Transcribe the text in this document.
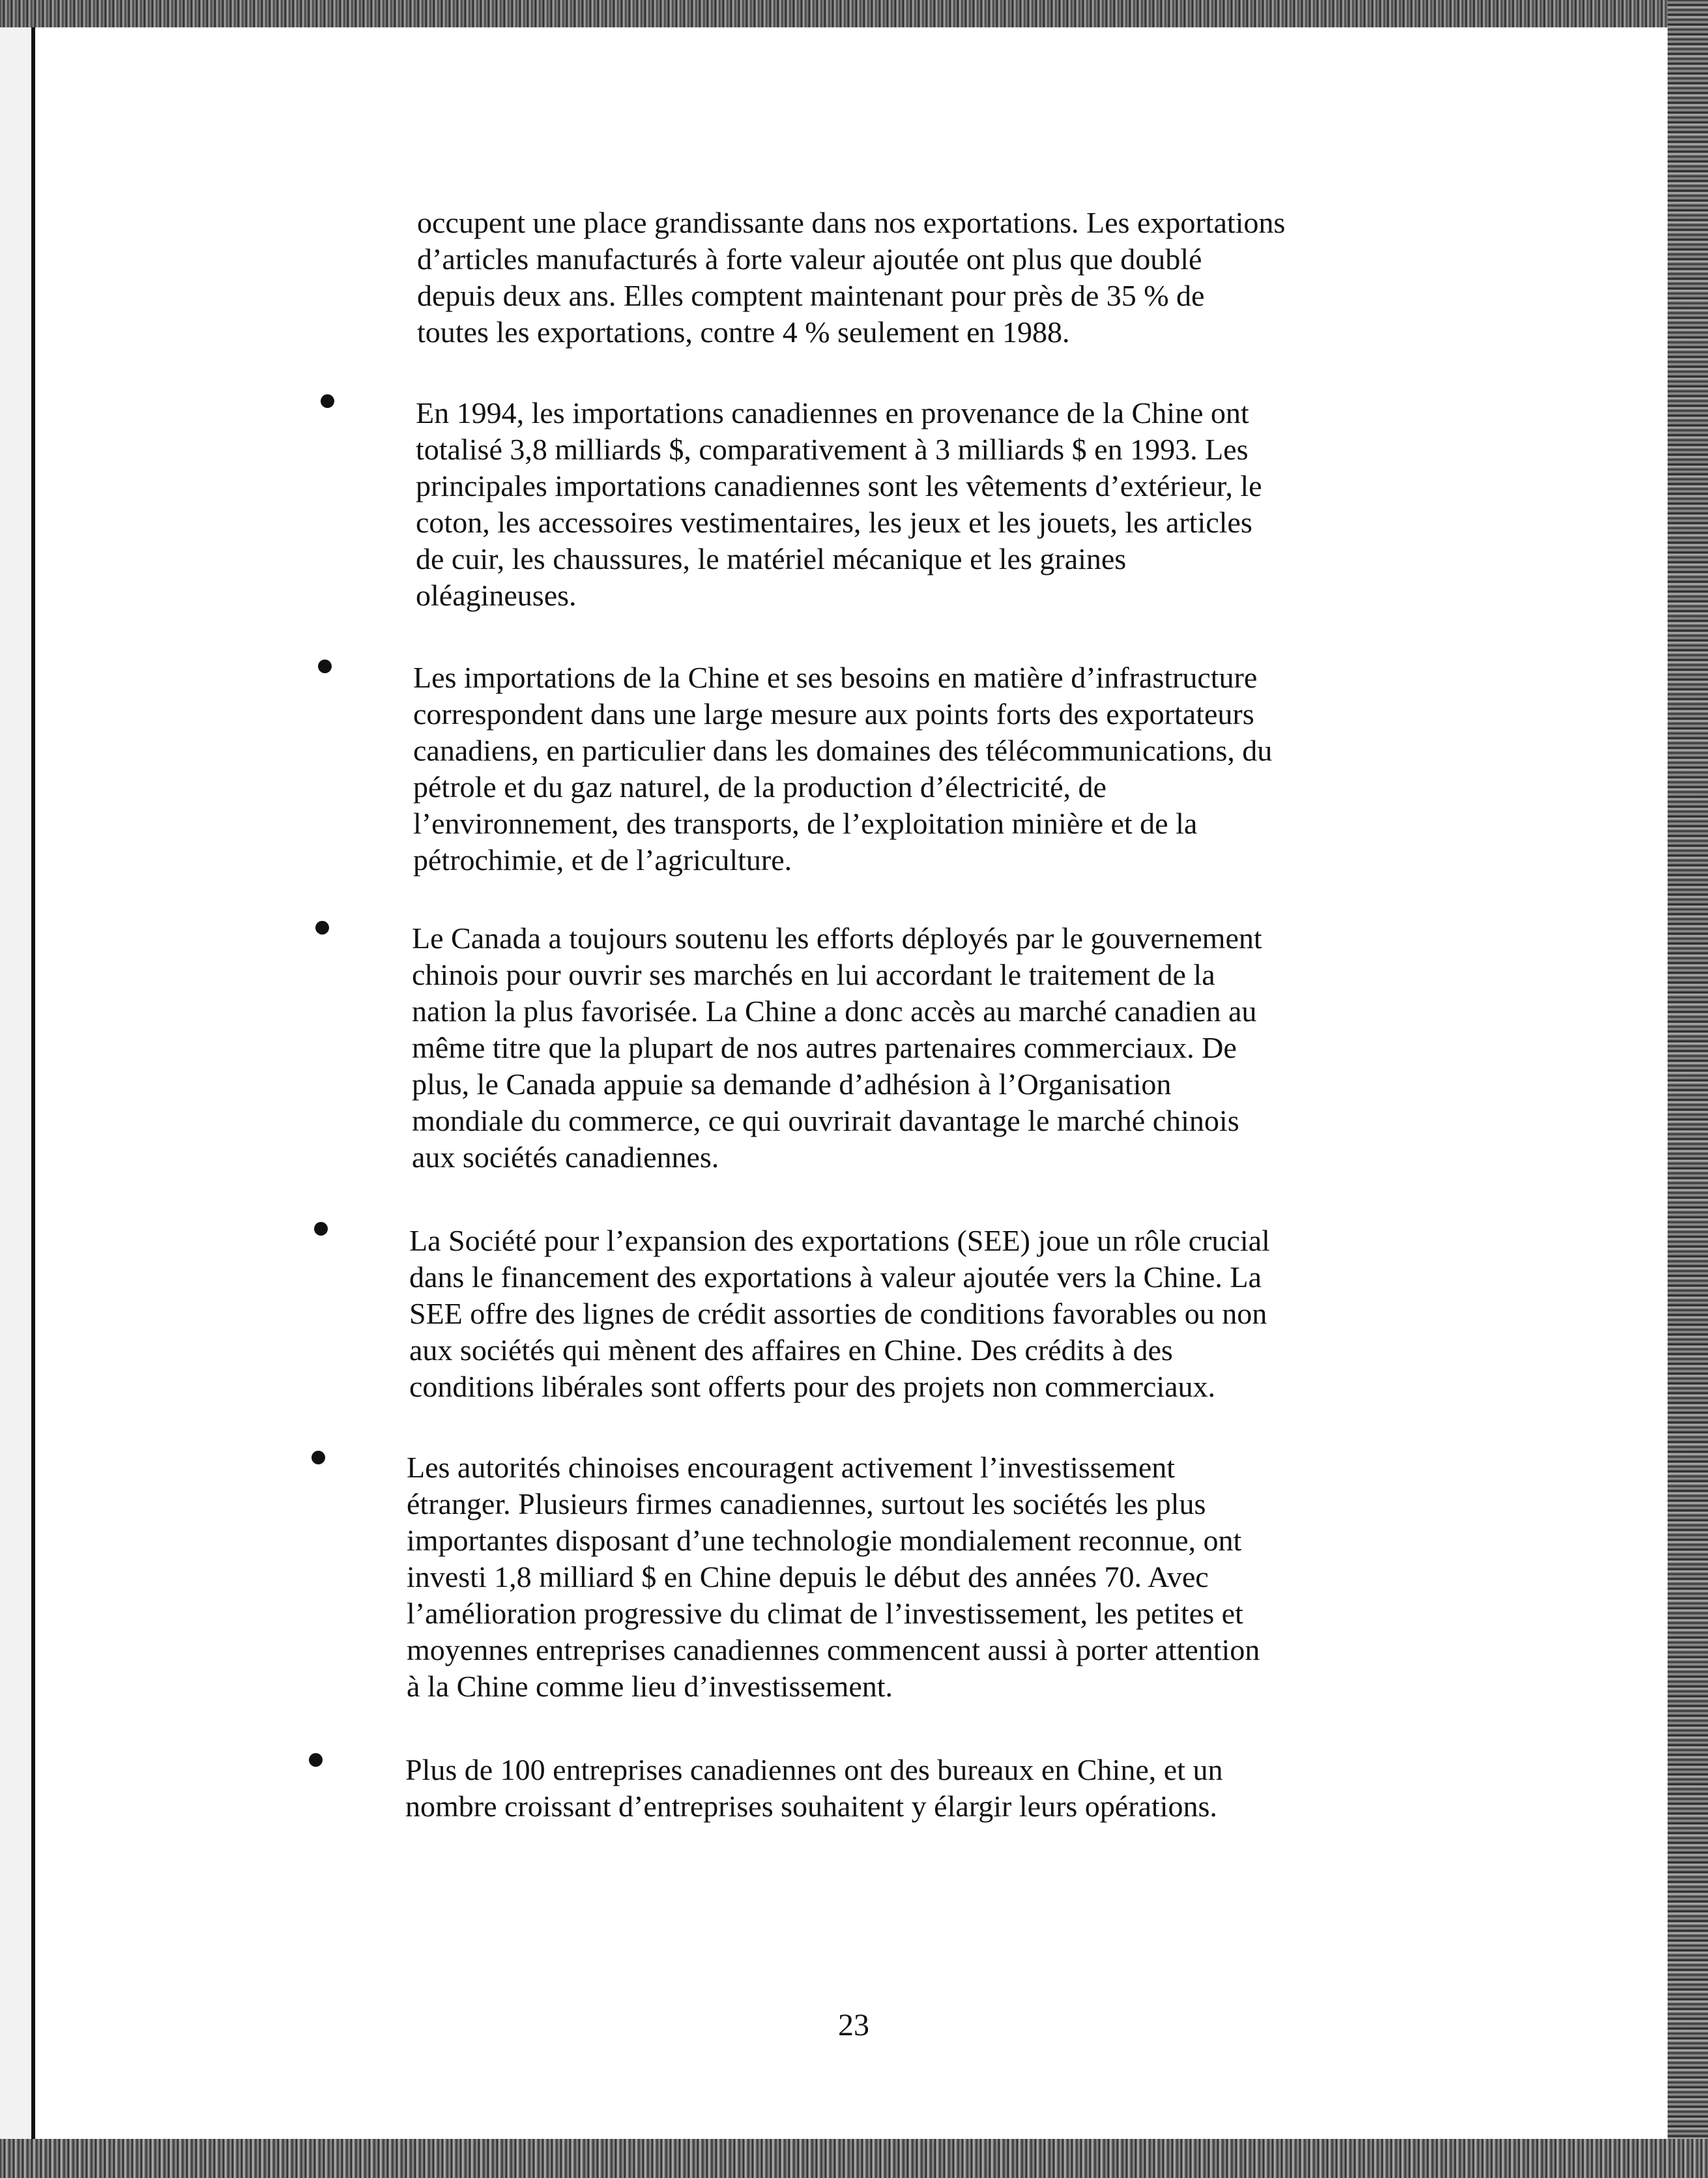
occupent une place grandissante dans nos exportations. Les exportations
d’articles manufacturés à forte valeur ajoutée ont plus que doublé
depuis deux ans. Elles comptent maintenant pour près de 35 % de
toutes les exportations, contre 4 % seulement en 1988.

En 1994, les importations canadiennes en provenance de la Chine ont
totalisé 3,8 milliards $, comparativement à 3 milliards $ en 1993. Les
principales importations canadiennes sont les vêtements d’extérieur, le
coton, les accessoires vestimentaires, les jeux et les jouets, les articles
de cuir, les chaussures, le matériel mécanique et les graines
oléagineuses.

Les importations de la Chine et ses besoins en matière d’infrastructure
correspondent dans une large mesure aux points forts des exportateurs
canadiens, en particulier dans les domaines des télécommunications, du
pétrole et du gaz naturel, de la production d’électricité, de
l’environnement, des transports, de l’exploitation minière et de la
pétrochimie, et de l’agriculture.

Le Canada a toujours soutenu les efforts déployés par le gouvernement
chinois pour ouvrir ses marchés en lui accordant le traitement de la
nation la plus favorisée. La Chine a donc accès au marché canadien au
même titre que la plupart de nos autres partenaires commerciaux. De
plus, le Canada appuie sa demande d’adhésion à l’Organisation
mondiale du commerce, ce qui ouvrirait davantage le marché chinois
aux sociétés canadiennes.

La Société pour l’expansion des exportations (SEE) joue un rôle crucial
dans le financement des exportations à valeur ajoutée vers la Chine. La
SEE offre des lignes de crédit assorties de conditions favorables ou non
aux sociétés qui mènent des affaires en Chine. Des crédits à des
conditions libérales sont offerts pour des projets non commerciaux.

Les autorités chinoises encouragent activement l’investissement
étranger. Plusieurs firmes canadiennes, surtout les sociétés les plus
importantes disposant d’une technologie mondialement reconnue, ont
investi 1,8 milliard $ en Chine depuis le début des années 70. Avec
l’amélioration progressive du climat de l’investissement, les petites et
moyennes entreprises canadiennes commencent aussi à porter attention
à la Chine comme lieu d’investissement.

Plus de 100 entreprises canadiennes ont des bureaux en Chine, et un
nombre croissant d’entreprises souhaitent y élargir leurs opérations.

23
